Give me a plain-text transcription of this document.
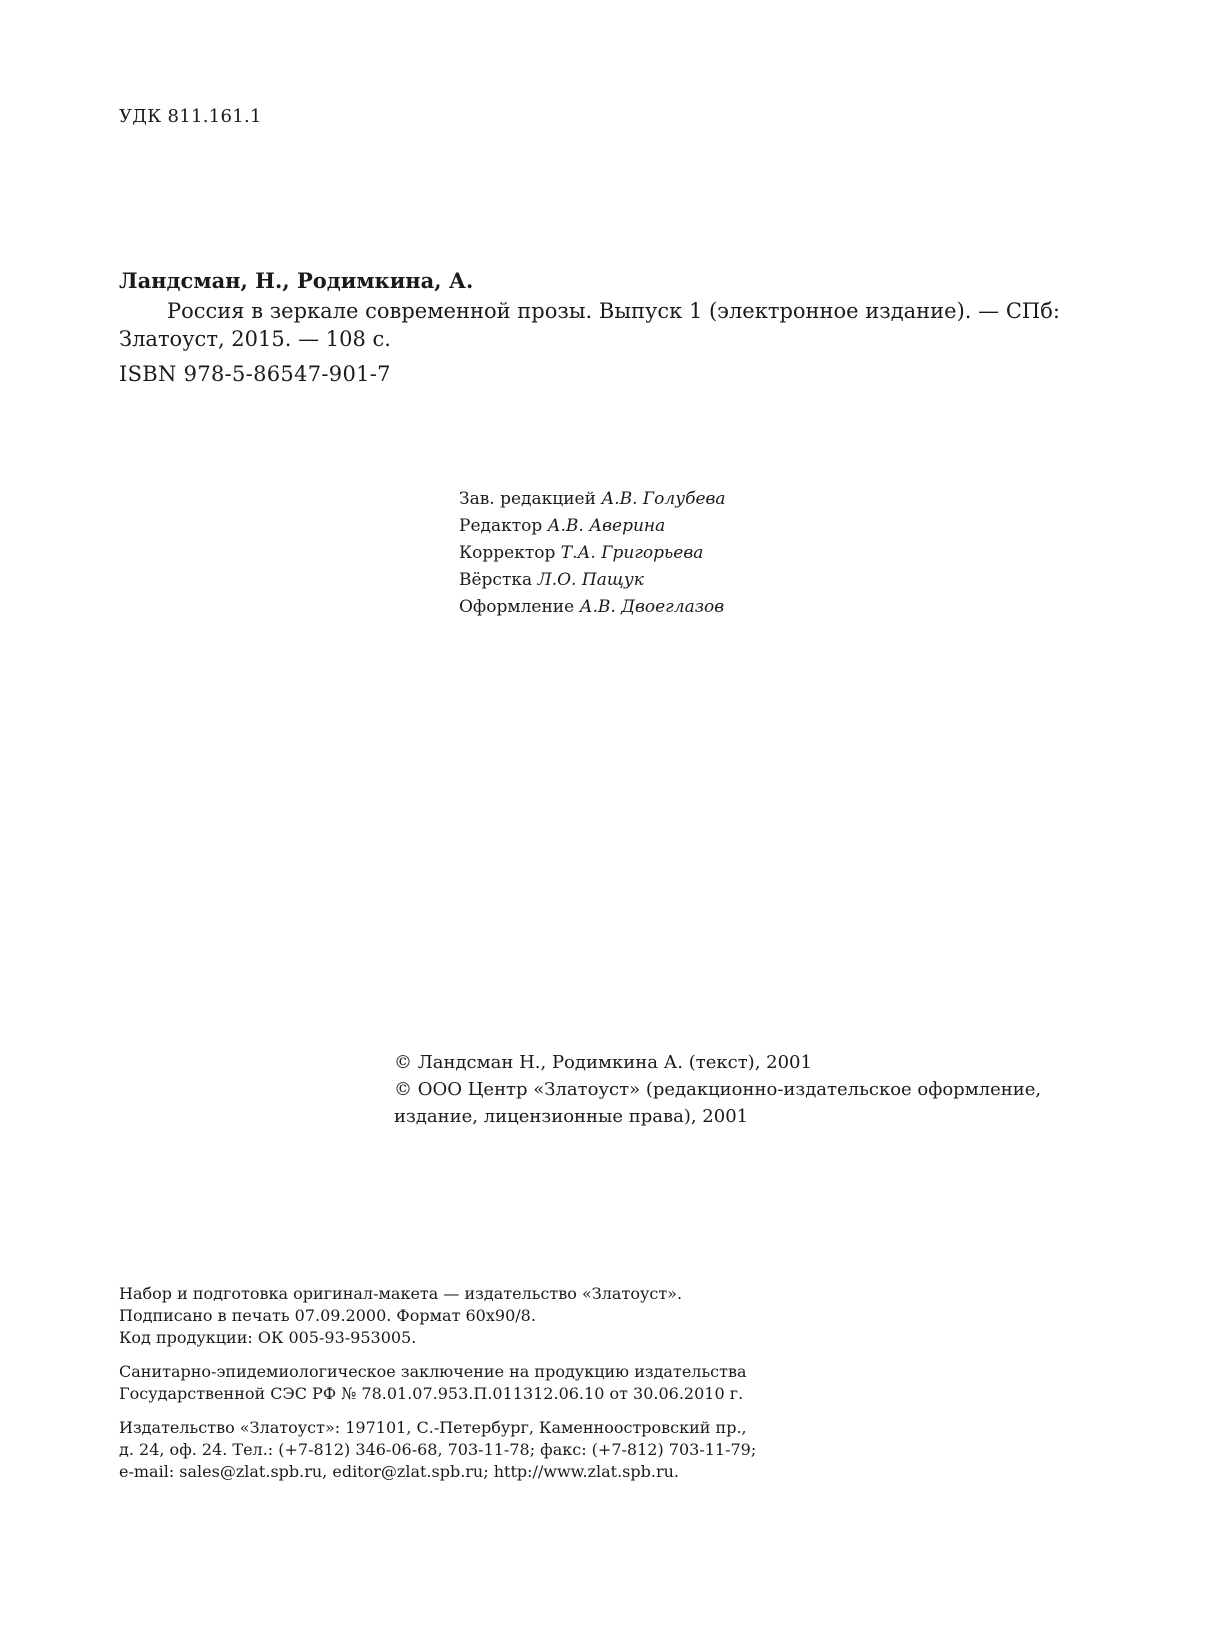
УДК 811.161.1

Ландсман, Н., Родимкина, А.

Россия в зеркале современной прозы. Выпуск 1 (электронное издание). — СПб: Златоуст, 2015. — 108 с.

ISBN 978-5-86547-901-7
Зав. редакцией А.В. Голубева
Редактор А.В. Аверина
Корректор Т.А. Григорьева
Вёрстка Л.О. Пащук
Оформление А.В. Двоеглазов
© Ландсман Н., Родимкина А. (текст), 2001
© ООО Центр «Златоуст» (редакционно-издательское оформление,
издание, лицензионные права), 2001
Набор и подготовка оригинал-макета — издательство «Златоуст».
Подписано в печать 07.09.2000. Формат 60x90/8.
Код продукции: ОК 005-93-953005.
Санитарно-эпидемиологическое заключение на продукцию издательства
Государственной СЭС РФ № 78.01.07.953.П.011312.06.10 от 30.06.2010 г.
Издательство «Златоуст»: 197101, С.-Петербург, Каменноостровский пр.,
д. 24, оф. 24. Тел.: (+7-812) 346-06-68, 703-11-78; факс: (+7-812) 703-11-79;
e-mail: sales@zlat.spb.ru, editor@zlat.spb.ru; http://www.zlat.spb.ru.
